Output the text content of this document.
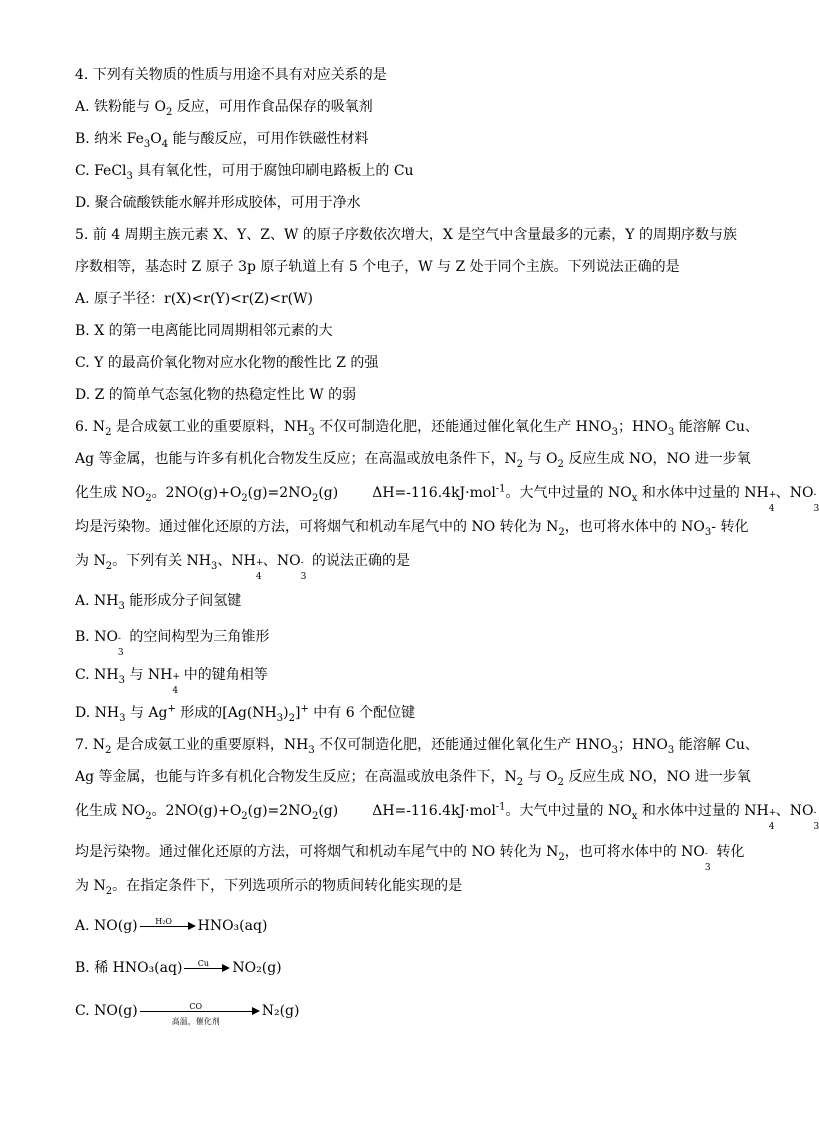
4. 下列有关物质的性质与用途不具有对应关系的是
A. 铁粉能与 $O_2$ 反应，可用作食品保存的吸氧剂
B. 纳米 $Fe_3O_4$ 能与酸反应，可用作铁磁性材料
C. FeCl$_3$ 具有氧化性，可用于腐蚀印刷电路板上的 Cu
D. 聚合硫酸铁能水解并形成胶体，可用于净水
5. 前 4 周期主族元素 X、Y、Z、W 的原子序数依次增大，X 是空气中含量最多的元素，Y 的周期序数与族
序数相等，基态时 Z 原子 3p 原子轨道上有 5 个电子，W 与 Z 处于同个主族。下列说法正确的是
A. 原子半径：r(X)<r(Y)<r(Z)<r(W)
B. X 的第一电离能比同周期相邻元素的大
C. Y 的最高价氧化物对应水化物的酸性比 Z 的强
D. Z 的简单气态氢化物的热稳定性比 W 的弱
6. $N_2$ 是合成氨工业的重要原料，$NH_3$ 不仅可制造化肥，还能通过催化氧化生产 $HNO_3$；$HNO_3$ 能溶解 Cu、
Ag 等金属，也能与许多有机化合物发生反应；在高温或放电条件下，$N_2$ 与 $O_2$ 反应生成 NO，NO 进一步氧
化生成 $NO_2$。$2NO(g)+O_2(g)=2NO_2(g)$ ΔH=-116.4kJ·mol$^{-1}$。大气中过量的 $NO_x$ 和水体中过量的 NH +
4
、NO -
3
均是污染物。通过催化还原的方法，可将烟气和机动车尾气中的 NO 转化为 $N_2$，也可将水体中的 $NO_3-$ 转化
为 $N_2$。下列有关 $NH_3$、NH +
4
、NO -
3
的说法正确的是
A. $NH_3$ 能形成分子间氢键
B. NO -
3
的空间构型为三角锥形
C. $NH_3$ 与 NH +
4
中的键角相等
D. $NH_3$ 与 Ag+ 形成的$[Ag(NH_3)_2]^+$ 中有 6 个配位键
7. $N_2$ 是合成氨工业的重要原料，$NH_3$ 不仅可制造化肥，还能通过催化氧化生产 $HNO_3$；$HNO_3$ 能溶解 Cu、
Ag 等金属，也能与许多有机化合物发生反应；在高温或放电条件下，$N_2$ 与 $O_2$ 反应生成 NO，NO 进一步氧
化生成 $NO_2$。$2NO(g)+O_2(g)=2NO_2(g)$ ΔH=-116.4kJ·mol$^{-1}$。大气中过量的 $NO_x$ 和水体中过量的 NH +
4
、NO -
3
均是污染物。通过催化还原的方法，可将烟气和机动车尾气中的 NO 转化为 $N_2$，也可将水体中的 NO -
3
转化
为 $N_2$。在指定条件下，下列选项所示的物质间转化能实现的是
A. NO(g)	H₂O	HNO₃(aq)
B. 稀 HNO₃(aq)	Cu	NO₂(g)
C. NO(g)	CO
高温，催化剂
N₂(g)
